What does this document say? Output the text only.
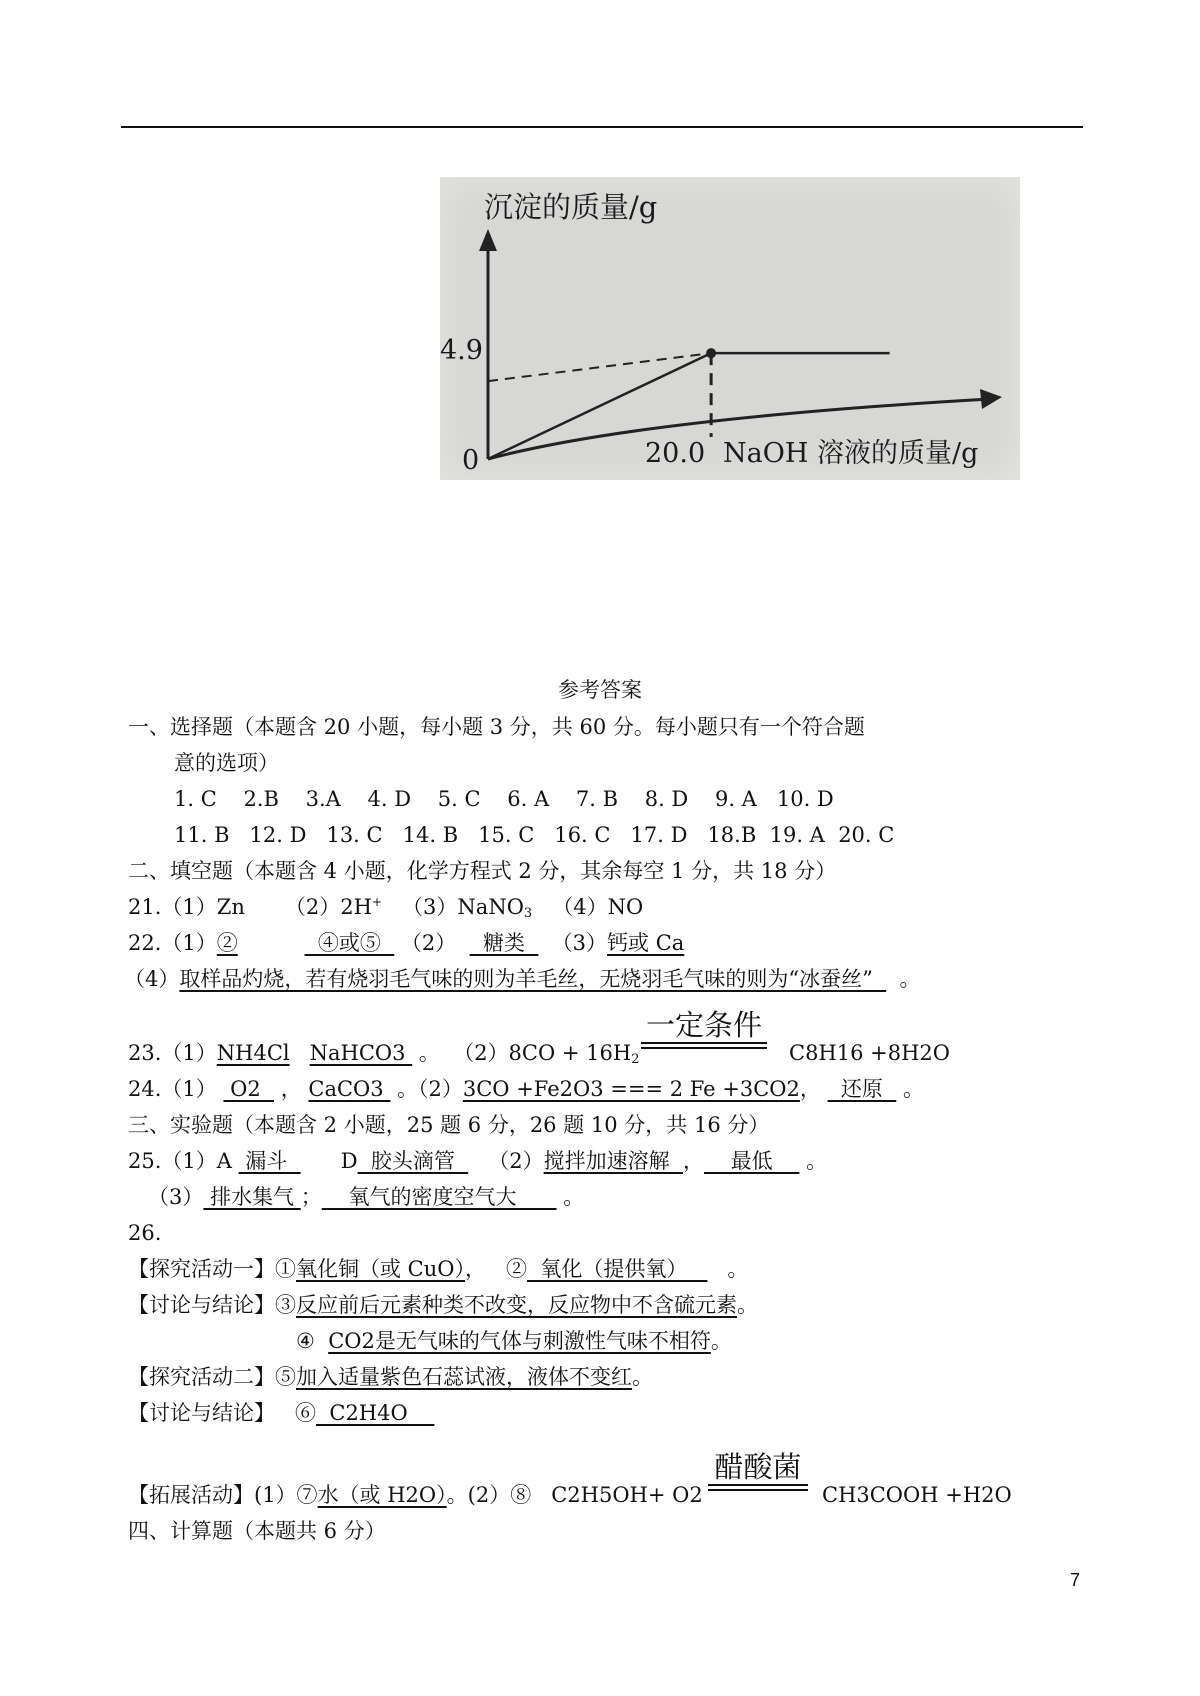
沉淀的质量/g
NaOH 溶液的质量/g
20.0
0
4.9
参考答案
一、选择题（本题含 20 小题，每小题 3 分，共 60 分。每小题只有一个符合题
意的选项）
1. C    2.B    3.A    4. D    5. C    6. A    7. B    8. D    9. A   10. D
11. B   12. D   13. C   14. B   15. C   16. C   17. D   18.B  19. A  20. C
二、填空题（本题含 4 小题，化学方程式 2 分，其余每空 1 分，共 18 分）
21.（1）Zn      （2）2H+   （3）NaNO$_3$   （4）NO
22.（1）②	④或⑤   （2）    糖类    （3）钙或 Ca
（4）取样品灼烧，若有烧羽毛气味的则为羊毛丝，无烧羽毛气味的则为“冰蚕丝”    。
一定条件
23.（1）NH4Cl NaHCO3  。  $(2)8CO + 16H_2$	C8H16 +8H2O
24.（1）  O2   ， CaCO3  。（2）3CO +Fe2O3 === 2 Fe +3CO2，   还原   。
三、实验题（本题含 2 小题，25 题 6 分，26 题 10 分，共 16 分）
25.（1）A  漏斗        D  胶头滴管     （2）搅拌加速溶解  ，    最低     。
（3） 排水集气 ；    氧气的密度空气大       。
26.
【探究活动一】①氧化铜（或 CuO），   ②  氧化（提供氧）      。
【讨论与结论】③反应前后元素种类不改变，反应物中不含硫元素。
④  CO2是无气味的气体与刺激性气味不相符。
【探究活动二】⑤加入适量紫色石蕊试液，液体不变红。
【讨论与结论】   ⑥  C2H4O
醋酸菌
【拓展活动】(1）⑦水（或 H2O）。(2）⑧   C2H5OH+ O2	CH3COOH +H2O
四、计算题（本题共 6 分）
7
